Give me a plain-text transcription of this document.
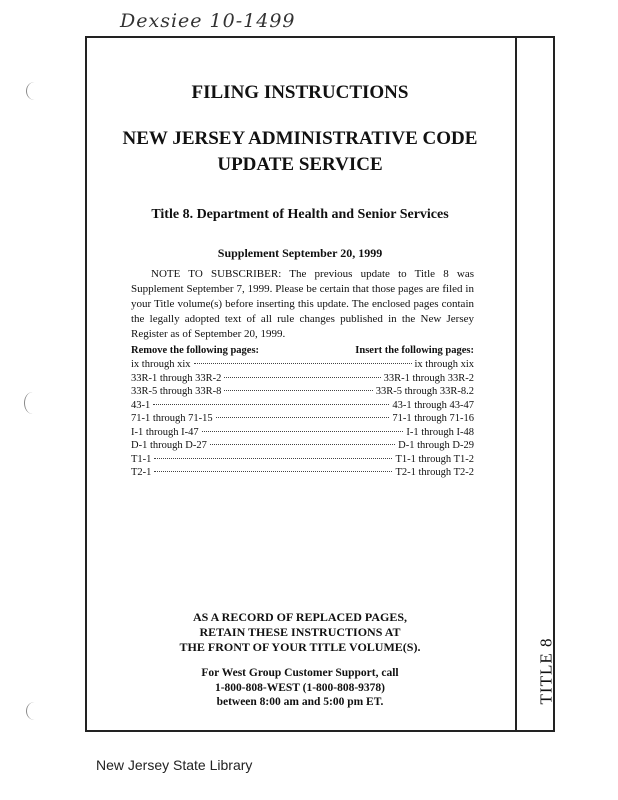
Dexsiee 10-1499
TITLE 8
FILING INSTRUCTIONS
NEW JERSEY ADMINISTRATIVE CODE
UPDATE SERVICE
Title 8. Department of Health and Senior Services
Supplement September 20, 1999
NOTE TO SUBSCRIBER: The previous update to Title 8 was Supplement September 7, 1999. Please be certain that those pages are filed in your Title volume(s) before inserting this update. The enclosed pages contain the legally adopted text of all rule changes published in the New Jersey Register as of September 20, 1999.
Remove the following pages:	Insert the following pages:
ix through xix	ix through xix
33R-1 through 33R-2	33R-1 through 33R-2
33R-5 through 33R-8	33R-5 through 33R-8.2
43-1	43-1 through 43-47
71-1 through 71-15	71-1 through 71-16
I-1 through I-47	I-1 through I-48
D-1 through D-27	D-1 through D-29
T1-1	T1-1 through T1-2
T2-1	T2-1 through T2-2
AS A RECORD OF REPLACED PAGES,
RETAIN THESE INSTRUCTIONS AT
THE FRONT OF YOUR TITLE VOLUME(S).
For West Group Customer Support, call
1-800-808-WEST (1-800-808-9378)
between 8:00 am and 5:00 pm ET.
New Jersey State Library
